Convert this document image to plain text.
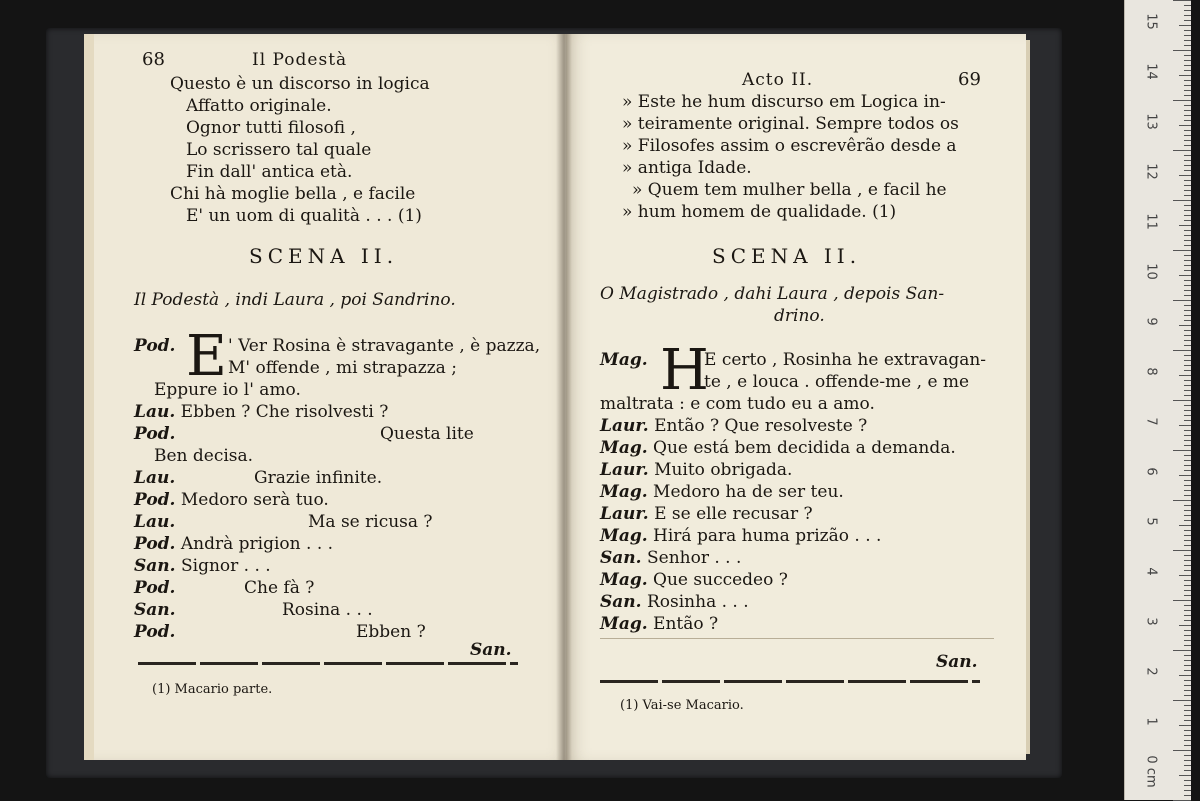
68	Il Podestà
Questo è un discorso in logica
Affatto originale.
Ognor tutti filosofi ,
Lo scrissero tal quale
Fin dall' antica età.
Chi hà moglie bella , e facile
E' un uom di qualità . . . (1)
SCENA II.
Il Podestà , indi Laura , poi Sandrino.
Pod. E ' Ver Rosina è stravagante , è pazza,
M' offende , mi strapazza ;
Eppure io l' amo.
Lau. Ebben ? Che risolvesti ?
Pod.	Questa lite
Ben decisa.
Lau.	Grazie infinite.
Pod. Medoro serà tuo.
Lau.	Ma se ricusa ?
Pod. Andrà prigion . . .
San. Signor . . .
Pod.	Che fà ?
San.	Rosina . . .
Pod.	Ebben ?
San.
(1) Macario parte.
Acto II.	69
» Este he hum discurso em Logica in-
» teiramente original. Sempre todos os
» Filosofes assim o escrevêrão desde a
» antiga Idade.
» Quem tem mulher bella , e facil he
» hum homem de qualidade. (1)
SCENA II.
O Magistrado , dahi Laura , depois San-
drino.
Mag. H
E certo , Rosinha he extravagan-
te , e louca . offende-me , e me
maltrata : e com tudo eu a amo.
Laur. Então ? Que resolveste ?
Mag. Que está bem decidida a demanda.
Laur. Muito obrigada.
Mag. Medoro ha de ser teu.
Laur. E se elle recusar ?
Mag. Hirá para huma prizão . . .
San. Senhor . . .
Mag. Que succedeo ?
San. Rosinha . . .
Mag. Então ?
San.
(1) Vai-se Macario.
15
14
13
12
11
10
9
8
7
6
5
4
3
2
1
0 cm
